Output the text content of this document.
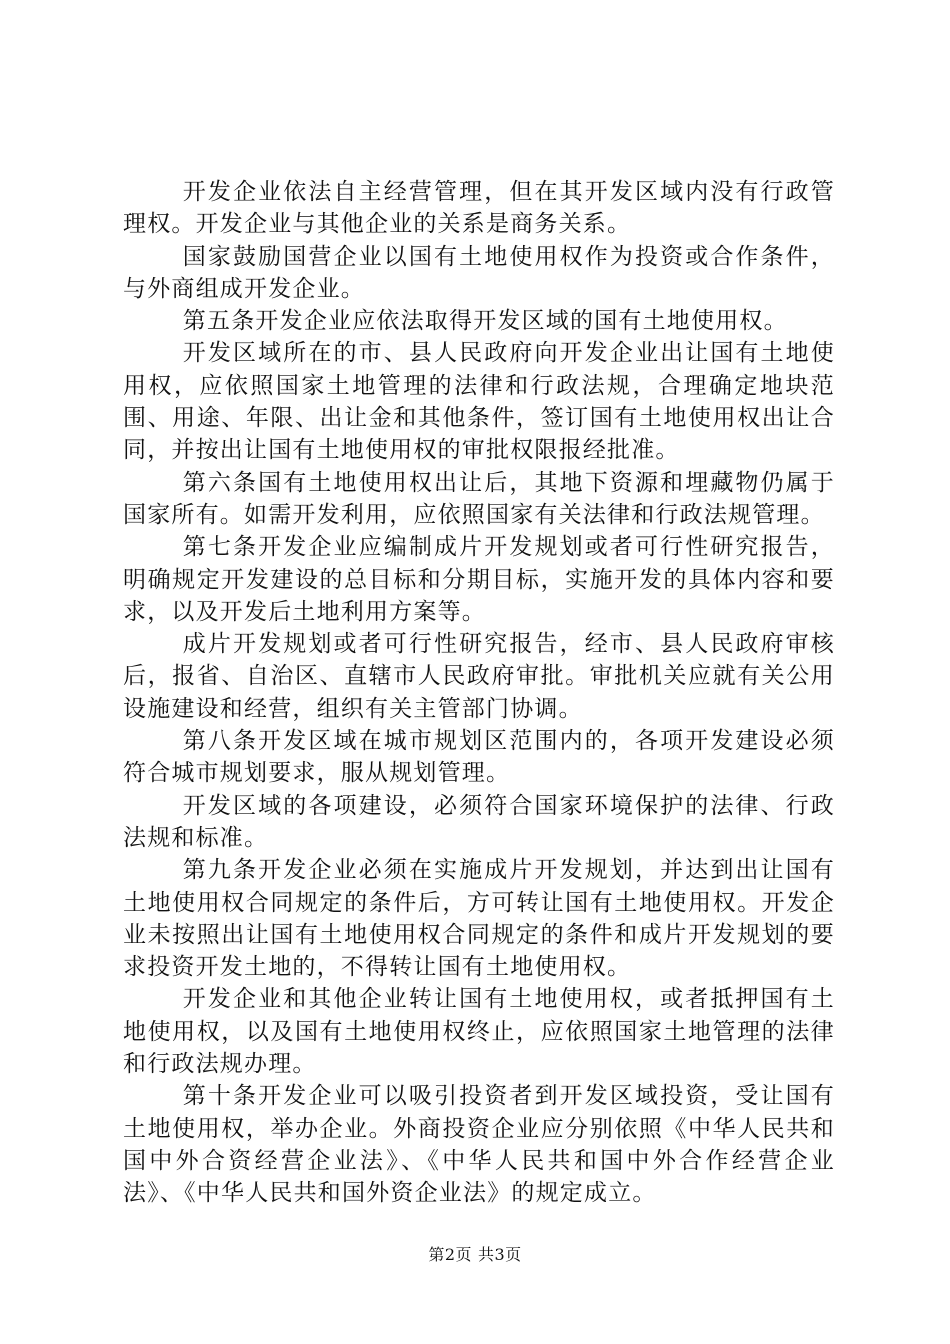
开发企业依法自主经营管理，但在其开发区域内没有行政管理权。开发企业与其他企业的关系是商务关系。

国家鼓励国营企业以国有土地使用权作为投资或合作条件，与外商组成开发企业。

第五条开发企业应依法取得开发区域的国有土地使用权。

开发区域所在的市、县人民政府向开发企业出让国有土地使用权，应依照国家土地管理的法律和行政法规，合理确定地块范围、用途、年限、出让金和其他条件，签订国有土地使用权出让合同，并按出让国有土地使用权的审批权限报经批准。

第六条国有土地使用权出让后，其地下资源和埋藏物仍属于国家所有。如需开发利用，应依照国家有关法律和行政法规管理。

第七条开发企业应编制成片开发规划或者可行性研究报告，明确规定开发建设的总目标和分期目标，实施开发的具体内容和要求，以及开发后土地利用方案等。

成片开发规划或者可行性研究报告，经市、县人民政府审核后，报省、自治区、直辖市人民政府审批。审批机关应就有关公用设施建设和经营，组织有关主管部门协调。

第八条开发区域在城市规划区范围内的，各项开发建设必须符合城市规划要求，服从规划管理。

开发区域的各项建设，必须符合国家环境保护的法律、行政法规和标准。

第九条开发企业必须在实施成片开发规划，并达到出让国有土地使用权合同规定的条件后，方可转让国有土地使用权。开发企业未按照出让国有土地使用权合同规定的条件和成片开发规划的要求投资开发土地的，不得转让国有土地使用权。

开发企业和其他企业转让国有土地使用权，或者抵押国有土地使用权，以及国有土地使用权终止，应依照国家土地管理的法律和行政法规办理。

第十条开发企业可以吸引投资者到开发区域投资，受让国有土地使用权，举办企业。外商投资企业应分别依照《中华人民共和国中外合资经营企业法》、《中华人民共和国中外合作经营企业法》、《中华人民共和国外资企业法》的规定成立。

第2页 共3页
